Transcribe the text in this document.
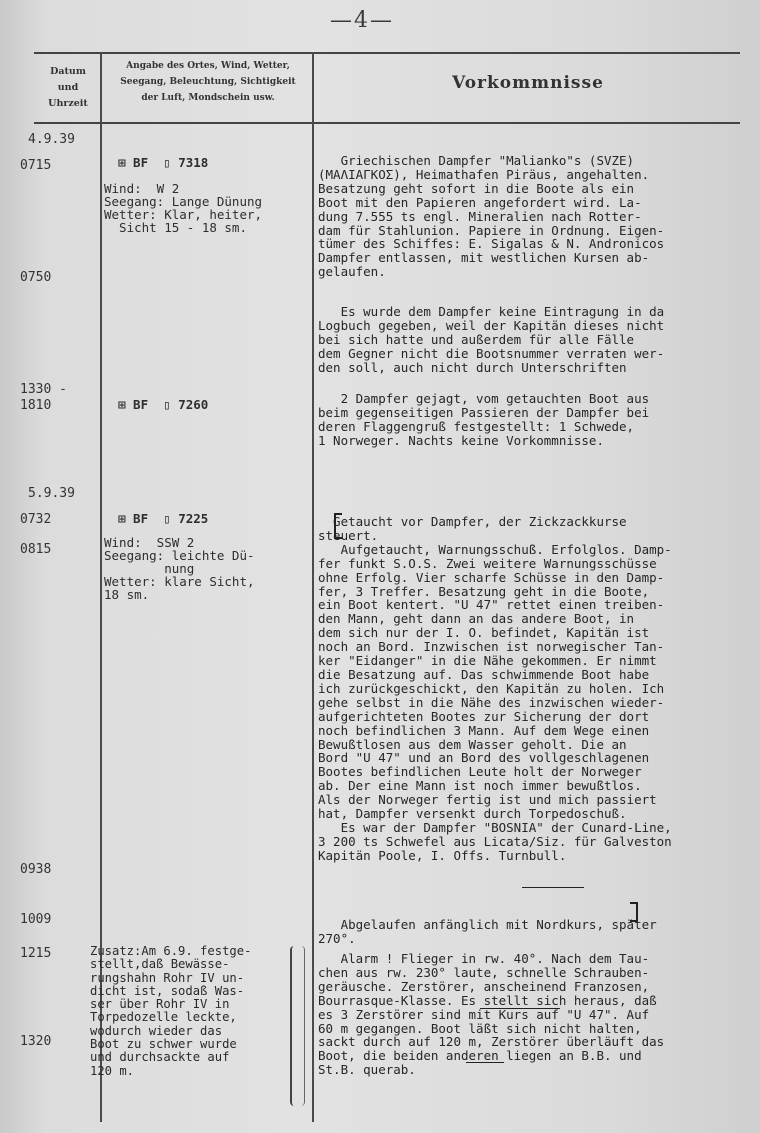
—4—
Datum
und
Uhrzeit
Angabe des Ortes, Wind, Wetter,
Seegang, Beleuchtung, Sichtigkeit
der Luft, Mondschein usw.
Vorkommnisse
4.9.39
0715
0750
1330 -
1810
5.9.39
0732
0815
0938
1009
1215
1320
⊞ BF  ▯ 7318
Wind:  W 2
Seegang: Lange Dünung
Wetter: Klar, heiter,
Sicht 15 - 18 sm.
⊞ BF  ▯ 7260
⊞ BF  ▯ 7225
Wind:  SSW 2
Seegang: leichte Dü-
nung
Wetter: klare Sicht,
18 sm.
Griechischen Dampfer "Malianko"s (SVZE)
(MAΛIAΓKOΣ), Heimathafen Piräus, angehalten.
Besatzung geht sofort in die Boote als ein
Boot mit den Papieren angefordert wird. La-
dung 7.555 ts engl. Mineralien nach Rotter-
dam für Stahlunion. Papiere in Ordnung. Eigen-
tümer des Schiffes: E. Sigalas & N. Andronicos
Dampfer entlassen, mit westlichen Kursen ab-
gelaufen.
Es wurde dem Dampfer keine Eintragung in da
Logbuch gegeben, weil der Kapitän dieses nicht
bei sich hatte und außerdem für alle Fälle
dem Gegner nicht die Bootsnummer verraten wer-
den soll, auch nicht durch Unterschriften
2 Dampfer gejagt, vom getauchten Boot aus
beim gegenseitigen Passieren der Dampfer bei
deren Flaggengruß festgestellt: 1 Schwede,
1 Norweger. Nachts keine Vorkommnisse.
Getaucht vor Dampfer, der Zickzackkurse
steuert.
Aufgetaucht, Warnungsschuß. Erfolglos. Damp-
fer funkt S.O.S. Zwei weitere Warnungsschüsse
ohne Erfolg. Vier scharfe Schüsse in den Damp-
fer, 3 Treffer. Besatzung geht in die Boote,
ein Boot kentert. "U 47" rettet einen treiben-
den Mann, geht dann an das andere Boot, in
dem sich nur der I. O. befindet, Kapitän ist
noch an Bord. Inzwischen ist norwegischer Tan-
ker "Eidanger" in die Nähe gekommen. Er nimmt
die Besatzung auf. Das schwimmende Boot habe
ich zurückgeschickt, den Kapitän zu holen. Ich
gehe selbst in die Nähe des inzwischen wieder-
aufgerichteten Bootes zur Sicherung der dort
noch befindlichen 3 Mann. Auf dem Wege einen
Bewußtlosen aus dem Wasser geholt. Die an
Bord "U 47" und an Bord des vollgeschlagenen
Bootes befindlichen Leute holt der Norweger
ab. Der eine Mann ist noch immer bewußtlos.
Als der Norweger fertig ist und mich passiert
hat, Dampfer versenkt durch Torpedoschuß.
Es war der Dampfer "BOSNIA" der Cunard-Line,
3 200 ts Schwefel aus Licata/Siz. für Galveston
Kapitän Poole, I. Offs. Turnbull.
Abgelaufen anfänglich mit Nordkurs, später
270°.
Alarm ! Flieger in rw. 40°. Nach dem Tau-
chen aus rw. 230° laute, schnelle Schrauben-
geräusche. Zerstörer, anscheinend Franzosen,
Bourrasque-Klasse. Es stellt sich heraus, daß
es 3 Zerstörer sind mit Kurs auf "U 47". Auf
60 m gegangen. Boot läßt sich nicht halten,
sackt durch auf 120 m, Zerstörer überläuft das
Boot, die beiden anderen liegen an B.B. und
St.B. querab.
Zusatz:Am 6.9. festge-
stellt,daß Bewässe-
rungshahn Rohr IV un-
dicht ist, sodaß Was-
ser über Rohr IV in
Torpedozelle leckte,
wodurch wieder das
Boot zu schwer wurde
und durchsackte auf
120 m.
